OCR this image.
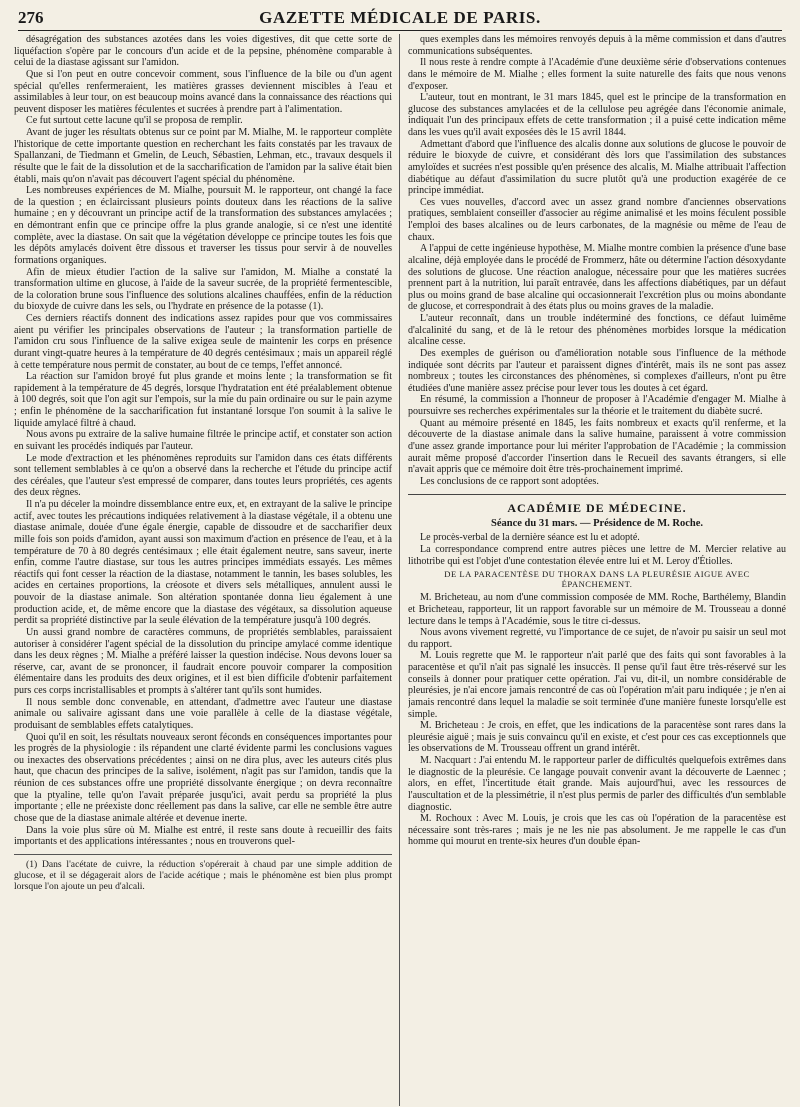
276	GAZETTE MÉDICALE DE PARIS.

désagrégation des substances azotées dans les voies digestives, dit que cette sorte de liquéfaction s'opère par le concours d'un acide et de la pepsine, phénomène comparable à celui de la diastase agissant sur l'amidon.

Que si l'on peut en outre concevoir comment, sous l'influence de la bile ou d'un agent spécial qu'elles renfermeraient, les matières grasses deviennent miscibles à l'eau et assimilables à leur tour, on est beaucoup moins avancé dans la connaissance des réactions qui peuvent disposer les matières féculentes et sucrées à prendre part à l'alimentation.

Ce fut surtout cette lacune qu'il se proposa de remplir.

Avant de juger les résultats obtenus sur ce point par M. Mialhe, M. le rapporteur complète l'historique de cette importante question en recherchant les faits constatés par les travaux de Spallanzani, de Tiedmann et Gmelin, de Leuch, Sébastien, Lehman, etc., travaux desquels il résulte que le fait de la dissolution et de la saccharification de l'amidon par la salive était bien établi, mais qu'on n'avait pas découvert l'agent spécial du phénomène.

Les nombreuses expériences de M. Mialhe, poursuit M. le rapporteur, ont changé la face de la question ; en éclaircissant plusieurs points douteux dans les réactions de la salive humaine ; en y découvrant un principe actif de la transformation des substances amylacées ; en démontrant enfin que ce principe offre la plus grande analogie, si ce n'est une identité complète, avec la diastase. On sait que la végétation développe ce principe toutes les fois que les dépôts amylacés doivent être dissous et traverser les tissus pour servir à de nouvelles formations organiques.

Afin de mieux étudier l'action de la salive sur l'amidon, M. Mialhe a constaté la transformation ultime en glucose, à l'aide de la saveur sucrée, de la propriété fermentescible, de la coloration brune sous l'influence des solutions alcalines chauffées, enfin de la réduction du bioxyde de cuivre dans les sels, ou l'hydrate en présence de la potasse (1).

Ces derniers réactifs donnent des indications assez rapides pour que vos commissaires aient pu vérifier les principales observations de l'auteur ; la transformation partielle de l'amidon cru sous l'influence de la salive exigea seule de maintenir les corps en présence durant vingt-quatre heures à la température de 40 degrés centésimaux ; mais un appareil réglé à cette température nous permit de constater, au bout de ce temps, l'effet annoncé.

La réaction sur l'amidon broyé fut plus grande et moins lente ; la transformation se fit rapidement à la température de 45 degrés, lorsque l'hydratation ent été préalablement obtenue à 100 degrés, soit que l'on agit sur l'empois, sur la mie du pain ordinaire ou sur le pain azyme ; enfin le phénomène de la saccharification fut instantané lorsque l'on soumit à la salive le liquide amylacé filtré à chaud.

Nous avons pu extraire de la salive humaine filtrée le principe actif, et constater son action en suivant les procédés indiqués par l'auteur.

Le mode d'extraction et les phénomènes reproduits sur l'amidon dans ces états différents sont tellement semblables à ce qu'on a observé dans la recherche et l'étude du principe actif des céréales, que l'auteur s'est empressé de comparer, dans toutes leurs propriétés, ces agents des deux règnes.

Il n'a pu déceler la moindre dissemblance entre eux, et, en extrayant de la salive le principe actif, avec toutes les précautions indiquées relativement à la diastase végétale, il a obtenu une diastase animale, douée d'une égale énergie, capable de dissoudre et de saccharifier deux mille fois son poids d'amidon, ayant aussi son maximum d'action en présence de l'eau, et à la température de 70 à 80 degrés centésimaux ; elle était également neutre, sans saveur, inerte enfin, comme l'autre diastase, sur tous les autres principes immédiats essayés. Les mêmes réactifs qui font cesser la réaction de la diastase, notamment le tannin, les bases solubles, les acides en certaines proportions, la créosote et divers sels métalliques, annulent aussi le pouvoir de la diastase animale. Son altération spontanée donna lieu également à une production acide, et, de même encore que la diastase des végétaux, sa dissolution aqueuse perdit sa propriété distinctive par la seule élévation de la température jusqu'à 100 degrés.

Un aussi grand nombre de caractères communs, de propriétés semblables, paraissaient autoriser à considérer l'agent spécial de la dissolution du principe amylacé comme identique dans les deux règnes ; M. Mialhe a préféré laisser la question indécise. Nous devons louer sa réserve, car, avant de se prononcer, il faudrait encore pouvoir comparer la composition élémentaire dans les produits des deux origines, et il est bien difficile d'obtenir parfaitement purs ces corps incristallisables et prompts à s'altérer tant qu'ils sont humides.

Il nous semble donc convenable, en attendant, d'admettre avec l'auteur une diastase animale ou salivaire agissant dans une voie parallèle à celle de la diastase végétale, produisant de semblables effets catalytiques.

Quoi qu'il en soit, les résultats nouveaux seront féconds en conséquences importantes pour les progrès de la physiologie : ils répandent une clarté évidente parmi les conclusions vagues ou inexactes des observations précédentes ; ainsi on ne dira plus, avec les auteurs cités plus haut, que chacun des principes de la salive, isolément, n'agit pas sur l'amidon, tandis que la réunion de ces substances offre une propriété dissolvante énergique ; on devra reconnaître que la ptyaline, telle qu'on l'avait préparée jusqu'ici, avait perdu sa propriété la plus importante ; elle ne préexiste donc réellement pas dans la salive, car elle ne semble être autre chose que de la diastase animale altérée et devenue inerte.

Dans la voie plus sûre où M. Mialhe est entré, il reste sans doute à recueillir des faits importants et des applications intéressantes ; nous en trouverons quel-

(1) Dans l'acétate de cuivre, la réduction s'opérerait à chaud par une simple addition de glucose, et il se dégagerait alors de l'acide acétique ; mais le phénomène est bien plus prompt lorsque l'on ajoute un peu d'alcali.

ques exemples dans les mémoires renvoyés depuis à la même commission et dans d'autres communications subséquentes.

Il nous reste à rendre compte à l'Académie d'une deuxième série d'observations contenues dans le mémoire de M. Mialhe ; elles forment la suite naturelle des faits que nous venons d'exposer.

L'auteur, tout en montrant, le 31 mars 1845, quel est le principe de la transformation en glucose des substances amylacées et de la cellulose peu agrégée dans l'économie animale, indiquait l'un des principaux effets de cette transformation ; il a puisé cette indication même dans les vues qu'il avait exposées dès le 15 avril 1844.

Admettant d'abord que l'influence des alcalis donne aux solutions de glucose le pouvoir de réduire le bioxyde de cuivre, et considérant dès lors que l'assimilation des substances amyloïdes et sucrées n'est possible qu'en présence des alcalis, M. Mialhe attribuait l'affection diabétique au défaut d'assimilation du sucre plutôt qu'à une production exagérée de ce principe immédiat.

Ces vues nouvelles, d'accord avec un assez grand nombre d'anciennes observations pratiques, semblaient conseiller d'associer au régime animalisé et les moins féculent possible l'emploi des bases alcalines ou de leurs carbonates, de la magnésie ou même de l'eau de chaux.

A l'appui de cette ingénieuse hypothèse, M. Mialhe montre combien la présence d'une base alcaline, déjà employée dans le procédé de Frommerz, hâte ou détermine l'action désoxydante des solutions de glucose. Une réaction analogue, nécessaire pour que les matières sucrées prennent part à la nutrition, lui paraît entravée, dans les affections diabétiques, par un défaut plus ou moins grand de base alcaline qui occasionnerait l'excrétion plus ou moins abondante de glucose, et correspondrait à des états plus ou moins graves de la maladie.

L'auteur reconnaît, dans un trouble indéterminé des fonctions, ce défaut luimême d'alcalinité du sang, et de là le retour des phénomènes morbides lorsque la médication alcaline cesse.

Des exemples de guérison ou d'amélioration notable sous l'influence de la méthode indiquée sont décrits par l'auteur et paraissent dignes d'intérêt, mais ils ne sont pas assez nombreux ; toutes les circonstances des phénomènes, si complexes d'ailleurs, n'ont pu être étudiées d'une manière assez précise pour lever tous les doutes à cet égard.

En résumé, la commission a l'honneur de proposer à l'Académie d'engager M. Mialhe à poursuivre ses recherches expérimentales sur la théorie et le traitement du diabète sucré.

Quant au mémoire présenté en 1845, les faits nombreux et exacts qu'il renferme, et la découverte de la diastase animale dans la salive humaine, paraissent à votre commission d'une assez grande importance pour lui mériter l'approbation de l'Académie ; la commission aurait même proposé d'accorder l'insertion dans le Recueil des savants étrangers, si elle n'avait appris que ce mémoire doit être très-prochainement imprimé.

Les conclusions de ce rapport sont adoptées.

ACADÉMIE DE MÉDECINE.
Séance du 31 mars. — Présidence de M. Roche.

Le procès-verbal de la dernière séance est lu et adopté.

La correspondance comprend entre autres pièces une lettre de M. Mercier relative au lithotribe qui est l'objet d'une contestation élevée entre lui et M. Leroy d'Étiolles.

DE LA PARACENTÈSE DU THORAX DANS LA PLEURÉSIE AIGUE AVEC ÉPANCHEMENT.

M. Bricheteau, au nom d'une commission composée de MM. Roche, Barthélemy, Blandin et Bricheteau, rapporteur, lit un rapport favorable sur un mémoire de M. Trousseau a donné lecture dans le temps à l'Académie, sous le titre ci-dessus.

Nous avons vivement regretté, vu l'importance de ce sujet, de n'avoir pu saisir un seul mot du rapport.

M. Louis regrette que M. le rapporteur n'ait parlé que des faits qui sont favorables à la paracentèse et qu'il n'ait pas signalé les insuccès. Il pense qu'il faut être très-réservé sur les conseils à donner pour pratiquer cette opération. J'ai vu, dit-il, un nombre considérable de pleurésies, je n'ai encore jamais rencontré de cas où l'opération m'ait paru indiquée ; je n'en ai jamais rencontré dans lequel la maladie se soit terminée d'une manière funeste lorsqu'elle est simple.

M. Bricheteau : Je crois, en effet, que les indications de la paracentèse sont rares dans la pleurésie aiguë ; mais je suis convaincu qu'il en existe, et c'est pour ces cas exceptionnels que les observations de M. Trousseau offrent un grand intérêt.

M. Nacquart : J'ai entendu M. le rapporteur parler de difficultés quelquefois extrêmes dans le diagnostic de la pleurésie. Ce langage pouvait convenir avant la découverte de Laennec ; alors, en effet, l'incertitude était grande. Mais aujourd'hui, avec les ressources de l'auscultation et de la plessimétrie, il n'est plus permis de parler des difficultés d'un semblable diagnostic.

M. Rochoux : Avec M. Louis, je crois que les cas où l'opération de la paracentèse est nécessaire sont très-rares ; mais je ne les nie pas absolument. Je me rappelle le cas d'un homme qui mourut en trente-six heures d'un double épan-
